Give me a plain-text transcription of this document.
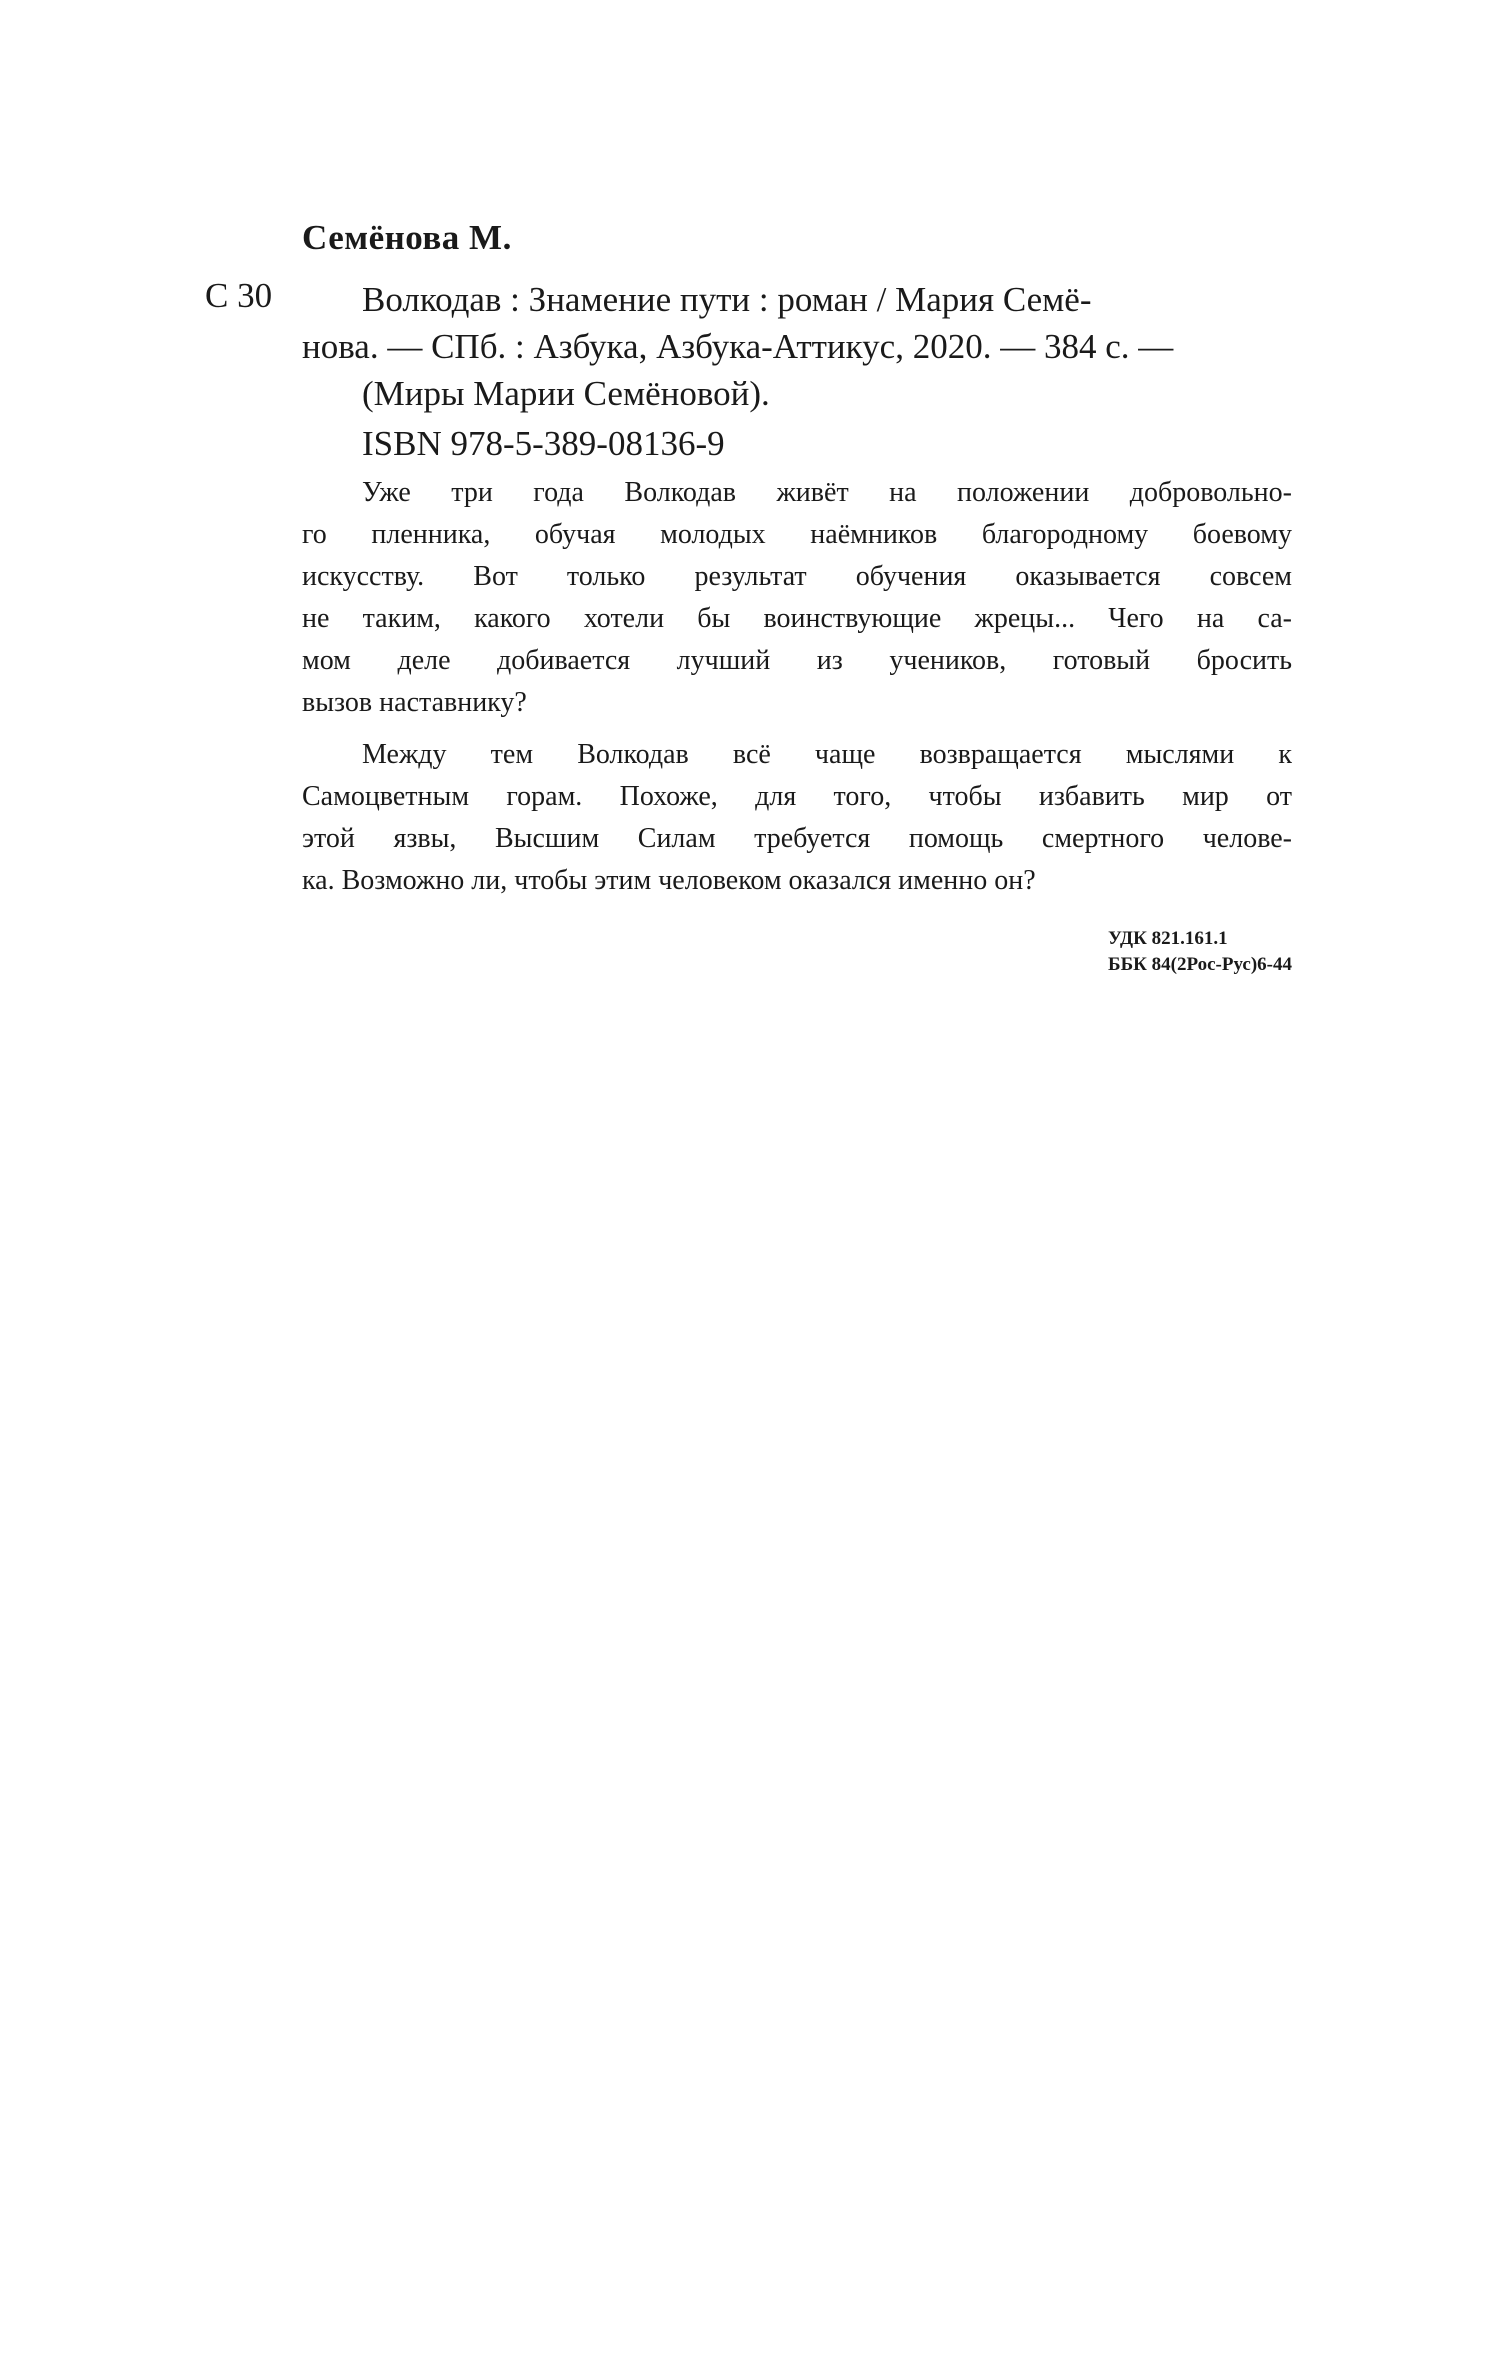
Семёнова М.
С 30	Волкодав : Знамение пути : роман / Мария Семё-
нова. — СПб. : Азбука, Азбука-Аттикус, 2020. — 384 с. —
(Миры Марии Семёновой).
ISBN 978-5-389-08136-9
Уже три года Волкодав живёт на положении добровольно-
го пленника, обучая молодых наёмников благородному боевому
искусству. Вот только результат обучения оказывается совсем
не таким, какого хотели бы воинствующие жрецы... Чего на са-
мом деле добивается лучший из учеников, готовый бросить
вызов наставнику?
Между тем Волкодав всё чаще возвращается мыслями к
Самоцветным горам. Похоже, для того, чтобы избавить мир от
этой язвы, Высшим Силам требуется помощь смертного челове-
ка. Возможно ли, чтобы этим человеком оказался именно он?
УДК 821.161.1
ББК 84(2Рос-Рус)6-44
